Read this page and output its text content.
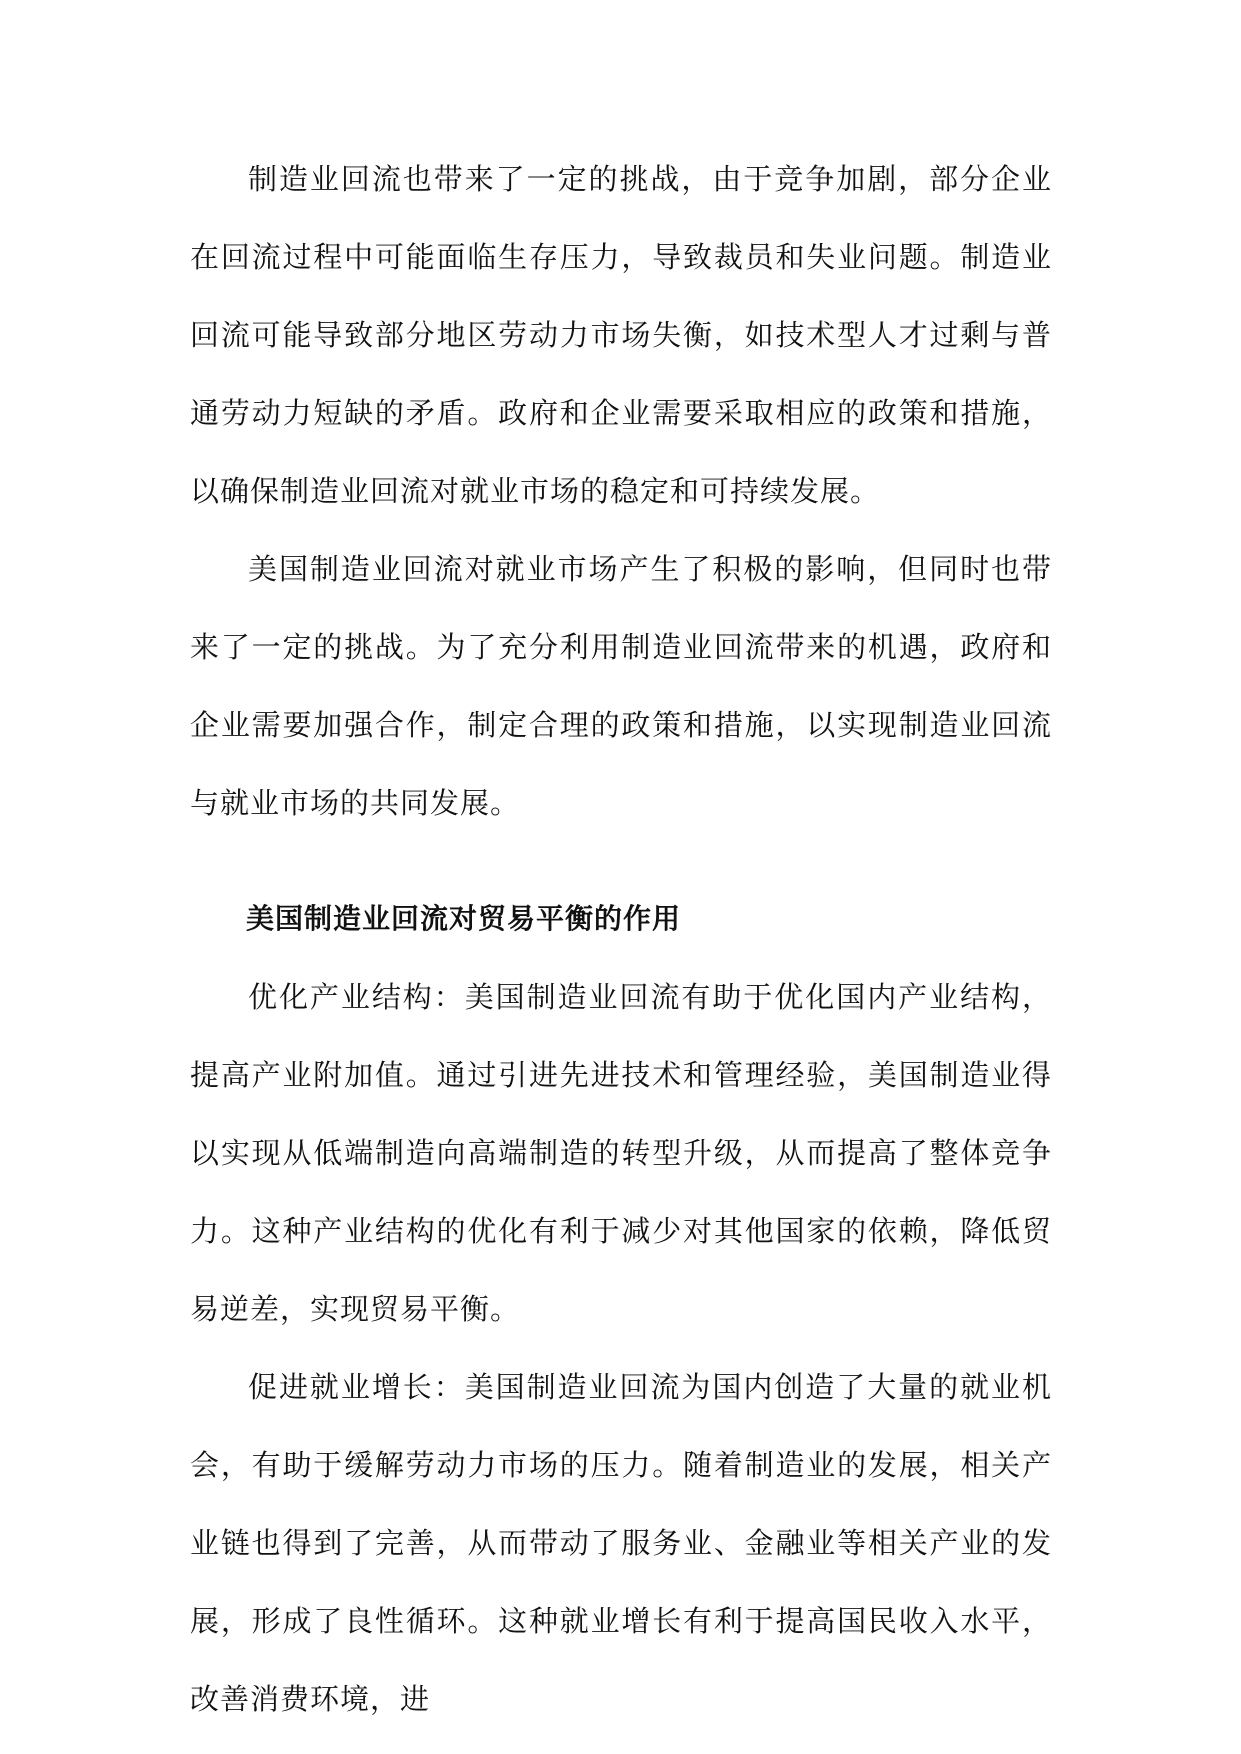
制造业回流也带来了一定的挑战，由于竞争加剧，部分企业在回流过程中可能面临生存压力，导致裁员和失业问题。制造业回流可能导致部分地区劳动力市场失衡，如技术型人才过剩与普通劳动力短缺的矛盾。政府和企业需要采取相应的政策和措施，以确保制造业回流对就业市场的稳定和可持续发展。

美国制造业回流对就业市场产生了积极的影响，但同时也带来了一定的挑战。为了充分利用制造业回流带来的机遇，政府和企业需要加强合作，制定合理的政策和措施，以实现制造业回流与就业市场的共同发展。

美国制造业回流对贸易平衡的作用

优化产业结构：美国制造业回流有助于优化国内产业结构，提高产业附加值。通过引进先进技术和管理经验，美国制造业得以实现从低端制造向高端制造的转型升级，从而提高了整体竞争力。这种产业结构的优化有利于减少对其他国家的依赖，降低贸易逆差，实现贸易平衡。

促进就业增长：美国制造业回流为国内创造了大量的就业机会，有助于缓解劳动力市场的压力。随着制造业的发展，相关产业链也得到了完善，从而带动了服务业、金融业等相关产业的发展，形成了良性循环。这种就业增长有利于提高国民收入水平，改善消费环境，进
